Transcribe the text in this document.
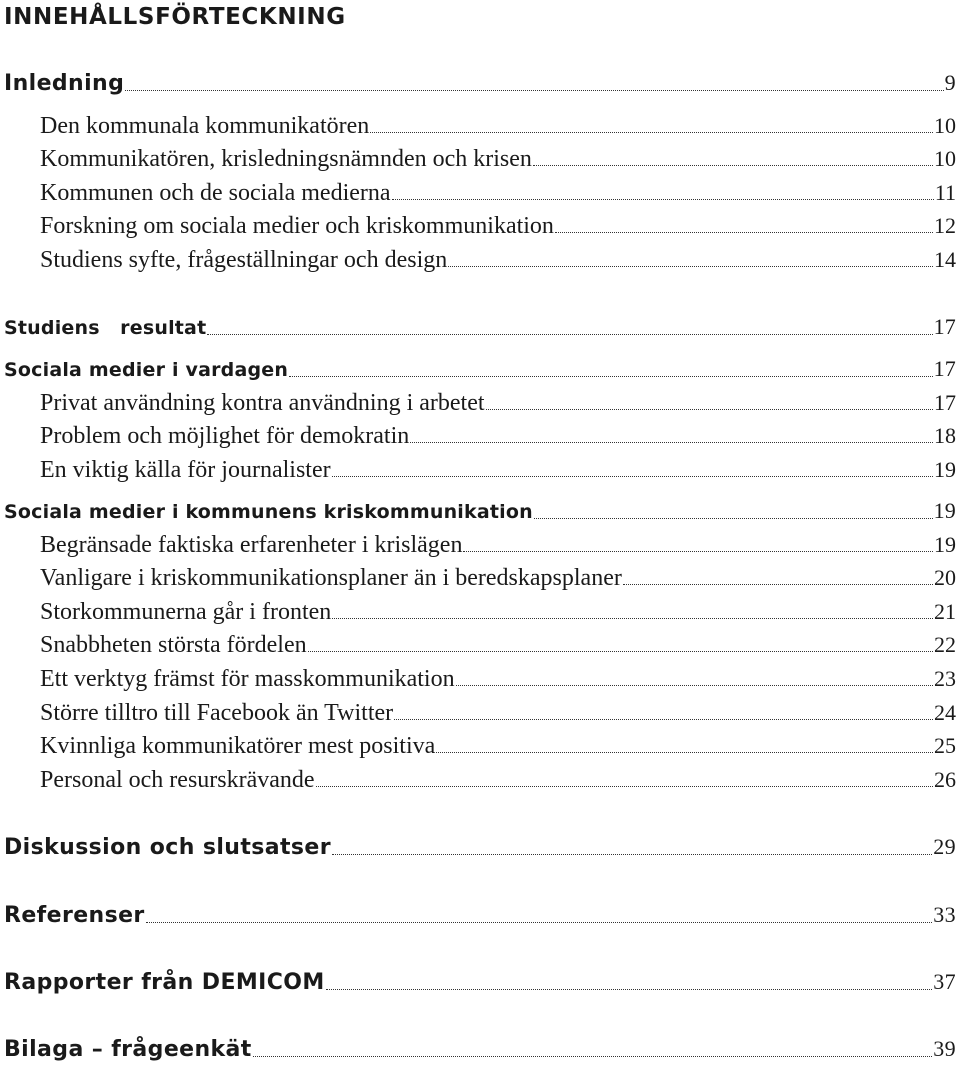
INNEHÅLLSFÖRTECKNING
Inledning	9
Den kommunala kommunikatören	10
Kommunikatören, krisledningsnämnden och krisen	10
Kommunen och de sociala medierna	11
Forskning om sociala medier och kriskommunikation	12
Studiens syfte, frågeställningar och design	14
Studiens   resultat	17
Sociala medier i vardagen	17
Privat användning kontra användning i arbetet	17
Problem och möjlighet för demokratin	18
En viktig källa för journalister	19
Sociala medier i kommunens kriskommunikation	19
Begränsade faktiska erfarenheter i krislägen	19
Vanligare i kriskommunikationsplaner än i beredskapsplaner	20
Storkommunerna går i fronten	21
Snabbheten största fördelen	22
Ett verktyg främst för masskommunikation	23
Större tilltro till Facebook än Twitter	24
Kvinnliga kommunikatörer mest positiva	25
Personal och resurskrävande	26
Diskussion och slutsatser	29
Referenser	33
Rapporter från DEMICOM	37
Bilaga – frågeenkät	39
